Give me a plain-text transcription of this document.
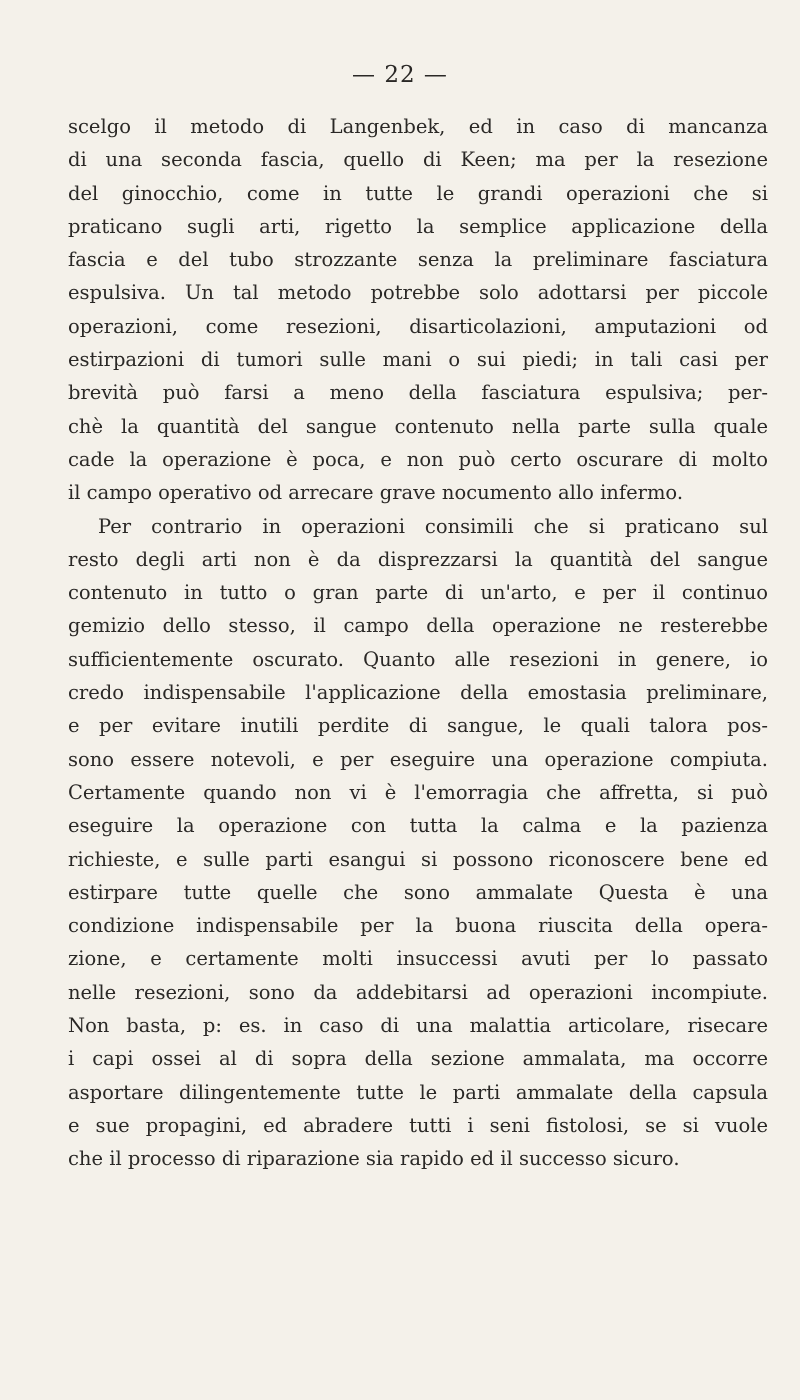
— 22 —
scelgo il metodo di Langenbek, ed in caso di mancanza
di una seconda fascia, quello di Keen; ma per la resezione
del ginocchio, come in tutte le grandi operazioni che si
praticano sugli arti, rigetto la semplice applicazione della
fascia e del tubo strozzante senza la preliminare fasciatura
espulsiva. Un tal metodo potrebbe solo adottarsi per piccole
operazioni, come resezioni, disarticolazioni, amputazioni od
estirpazioni di tumori sulle mani o sui piedi; in tali casi per
brevità può farsi a meno della fasciatura espulsiva; per-
chè la quantità del sangue contenuto nella parte sulla quale
cade la operazione è poca, e non può certo oscurare di molto
il campo operativo od arrecare grave nocumento allo infermo.
Per contrario in operazioni consimili che si praticano sul
resto degli arti non è da disprezzarsi la quantità del sangue
contenuto in tutto o gran parte di un'arto, e per il continuo
gemizio dello stesso, il campo della operazione ne resterebbe
sufficientemente oscurato. Quanto alle resezioni in genere, io
credo indispensabile l'applicazione della emostasia preliminare,
e per evitare inutili perdite di sangue, le quali talora pos-
sono essere notevoli, e per eseguire una operazione compiuta.
Certamente quando non vi è l'emorragia che affretta, si può
eseguire la operazione con tutta la calma e la pazienza
richieste, e sulle parti esangui si possono riconoscere bene ed
estirpare tutte quelle che sono ammalate Questa è una
condizione indispensabile per la buona riuscita della opera-
zione, e certamente molti insuccessi avuti per lo passato
nelle resezioni, sono da addebitarsi ad operazioni incompiute.
Non basta, p: es. in caso di una malattia articolare, risecare
i capi ossei al di sopra della sezione ammalata, ma occorre
asportare dilingentemente tutte le parti ammalate della capsula
e sue propagini, ed abradere tutti i seni fistolosi, se si vuole
che il processo di riparazione sia rapido ed il successo sicuro.
